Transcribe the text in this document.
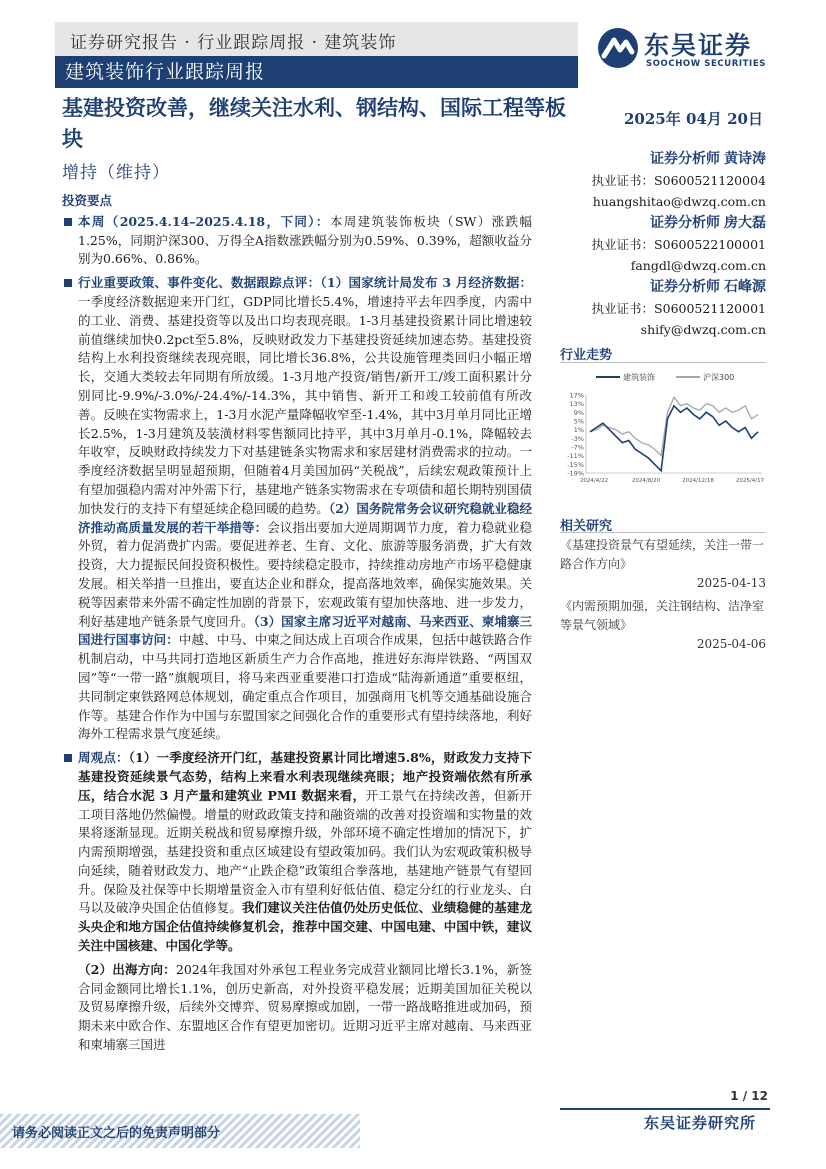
证券研究报告 · 行业跟踪周报 · 建筑装饰
建筑装饰行业跟踪周报
东吴证券
SOOCHOW SECURITIES
基建投资改善，继续关注水利、钢结构、国际工程等板块
增持（维持）
2025年 04月 20日
证券分析师 黄诗涛
执业证书：S0600521120004
huangshitao@dwzq.com.cn
证券分析师 房大磊
执业证书：S0600522100001
fangdl@dwzq.com.cn
证券分析师 石峰源
执业证书：S0600521120001
shify@dwzq.com.cn
行业走势
建筑装饰	沪深300
17%
13%
9%
5%
1%
-3%
-7%
-11%
-15%
-19%
2024/4/22	2024/8/20	2024/12/18	2025/4/17
相关研究
《基建投资景气有望延续，关注一带一路合作方向》
2025-04-13
《内需预期加强，关注钢结构、洁净室等景气领域》
2025-04-06
投资要点
本周（2025.4.14–2025.4.18，下同）：本周建筑装饰板块（SW）涨跌幅1.25%，同期沪深300、万得全A指数涨跌幅分别为0.59%、0.39%，超额收益分别为0.66%、0.86%。
行业重要政策、事件变化、数据跟踪点评：（1）国家统计局发布 3 月经济数据：一季度经济数据迎来开门红，GDP同比增长5.4%，增速持平去年四季度，内需中的工业、消费、基建投资等以及出口均表现亮眼。1-3月基建投资累计同比增速较前值继续加快0.2pct至5.8%，反映财政发力下基建投资延续加速态势。基建投资结构上水利投资继续表现亮眼，同比增长36.8%，公共设施管理类回归小幅正增长，交通大类较去年同期有所放缓。1-3月地产投资/销售/新开工/竣工面积累计分别同比-9.9%/-3.0%/-24.4%/-14.3%，其中销售、新开工和竣工较前值有所改善。反映在实物需求上，1-3月水泥产量降幅收窄至-1.4%，其中3月单月同比正增长2.5%，1-3月建筑及装潢材料零售额同比持平，其中3月单月-0.1%，降幅较去年收窄，反映财政持续发力下对基建链条实物需求和家居建材消费需求的拉动。一季度经济数据呈明显超预期，但随着4月美国加码“关税战”，后续宏观政策预计上有望加强稳内需对冲外需下行，基建地产链条实物需求在专项债和超长期特别国债加快发行的支持下有望延续企稳回暖的趋势。（2）国务院常务会议研究稳就业稳经济推动高质量发展的若干举措等：会议指出要加大逆周期调节力度，着力稳就业稳外贸，着力促消费扩内需。要促进养老、生育、文化、旅游等服务消费，扩大有效投资，大力提振民间投资积极性。要持续稳定股市，持续推动房地产市场平稳健康发展。相关举措一旦推出，要直达企业和群众，提高落地效率，确保实施效果。关税等因素带来外需不确定性加剧的背景下，宏观政策有望加快落地、进一步发力，利好基建地产链条景气度回升。（3）国家主席习近平对越南、马来西亚、柬埔寨三国进行国事访问：中越、中马、中柬之间达成上百项合作成果，包括中越铁路合作机制启动，中马共同打造地区新质生产力合作高地，推进好东海岸铁路、“两国双园”等“一带一路”旗舰项目，将马来西亚重要港口打造成“陆海新通道”重要枢纽，共同制定柬铁路网总体规划，确定重点合作项目，加强商用飞机等交通基础设施合作等。基建合作作为中国与东盟国家之间强化合作的重要形式有望持续落地，利好海外工程需求景气度延续。
周观点：（1）一季度经济开门红，基建投资累计同比增速5.8%，财政发力支持下基建投资延续景气态势，结构上来看水利表现继续亮眼；地产投资端依然有所承压，结合水泥 3 月产量和建筑业 PMI 数据来看，开工景气在持续改善，但新开工项目落地仍然偏慢。增量的财政政策支持和融资端的改善对投资端和实物量的效果将逐渐显现。近期关税战和贸易摩擦升级，外部环境不确定性增加的情况下，扩内需预期增强，基建投资和重点区域建设有望政策加码。我们认为宏观政策积极导向延续，随着财政发力、地产“止跌企稳”政策组合拳落地，基建地产链景气有望回升。保险及社保等中长期增量资金入市有望利好低估值、稳定分红的行业龙头、白马以及破净央国企估值修复。我们建议关注估值仍处历史低位、业绩稳健的基建龙头央企和地方国企估值持续修复机会，推荐中国交建、中国电建、中国中铁，建议关注中国核建、中国化学等。
（2）出海方向：2024年我国对外承包工程业务完成营业额同比增长3.1%，新签合同金额同比增长1.1%，创历史新高，对外投资平稳发展；近期美国加征关税以及贸易摩擦升级，后续外交博弈、贸易摩擦或加剧，一带一路战略推进或加码，预期未来中欧合作、东盟地区合作有望更加密切。近期习近平主席对越南、马来西亚和柬埔寨三国进
1 / 12
请务必阅读正文之后的免责声明部分
东吴证券研究所
